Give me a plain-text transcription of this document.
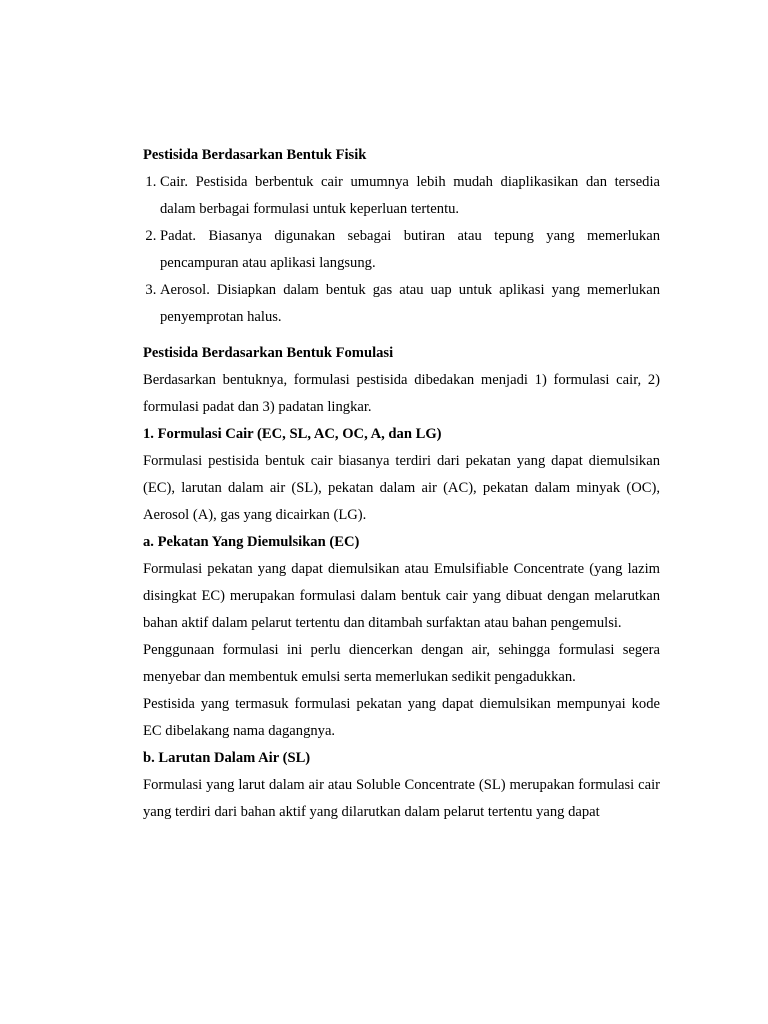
Pestisida Berdasarkan Bentuk Fisik
1. Cair. Pestisida berbentuk cair umumnya lebih mudah diaplikasikan dan tersedia dalam berbagai formulasi untuk keperluan tertentu.
2. Padat. Biasanya digunakan sebagai butiran atau tepung yang memerlukan pencampuran atau aplikasi langsung.
3. Aerosol. Disiapkan dalam bentuk gas atau uap untuk aplikasi yang memerlukan penyemprotan halus.
Pestisida Berdasarkan Bentuk Fomulasi

Berdasarkan bentuknya, formulasi pestisida dibedakan menjadi 1) formulasi cair, 2) formulasi padat dan 3) padatan lingkar.

1. Formulasi Cair (EC, SL, AC, OC, A, dan LG)

Formulasi pestisida bentuk cair biasanya terdiri dari pekatan yang dapat diemulsikan (EC), larutan dalam air (SL), pekatan dalam air (AC), pekatan dalam minyak (OC), Aerosol (A), gas yang dicairkan (LG).

a. Pekatan Yang Diemulsikan (EC)

Formulasi pekatan yang dapat diemulsikan atau Emulsifiable Concentrate (yang lazim disingkat EC) merupakan formulasi dalam bentuk cair yang dibuat dengan melarutkan bahan aktif dalam pelarut tertentu dan ditambah surfaktan atau bahan pengemulsi.

Penggunaan formulasi ini perlu diencerkan dengan air, sehingga formulasi segera menyebar dan membentuk emulsi serta memerlukan sedikit pengadukkan.

Pestisida yang termasuk formulasi pekatan yang dapat diemulsikan mempunyai kode EC dibelakang nama dagangnya.

b. Larutan Dalam Air (SL)

Formulasi yang larut dalam air atau Soluble Concentrate (SL) merupakan formulasi cair yang terdiri dari bahan aktif yang dilarutkan dalam pelarut tertentu yang dapat
